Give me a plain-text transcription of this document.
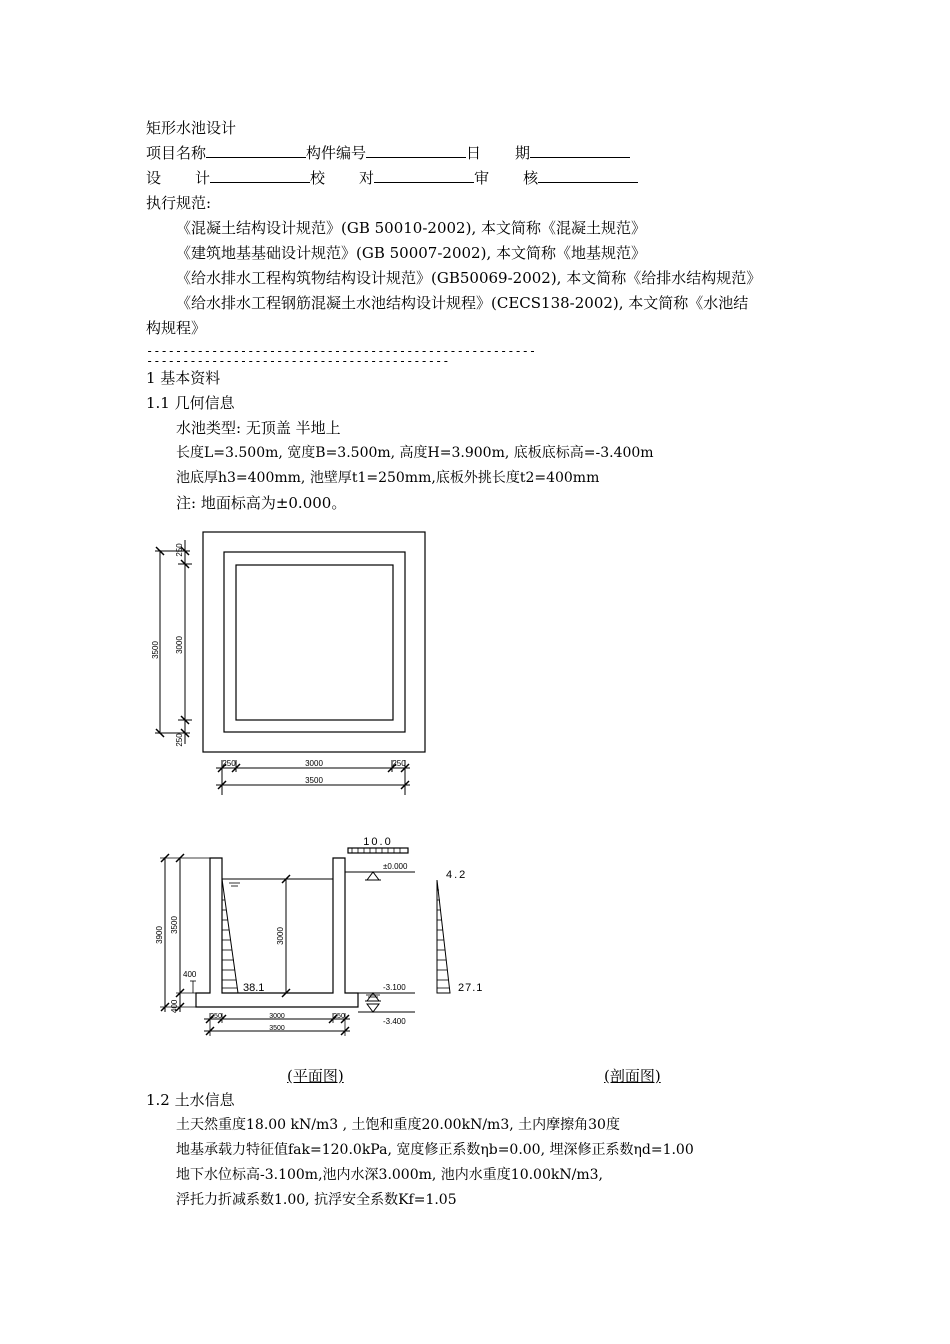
矩形水池设计
项目名称	构件编号	日 期
设 计	校 对	审 核
执行规范:
《混凝土结构设计规范》(GB 50010-2002), 本文简称《混凝土规范》
《建筑地基基础设计规范》(GB 50007-2002), 本文简称《地基规范》
《给水排水工程构筑物结构设计规范》(GB50069-2002), 本文简称《给排水结构规范》
《给水排水工程钢筋混凝土水池结构设计规程》(CECS138-2002), 本文简称《水池结
构规程》
------------------------------------------------------------------------------------------------
1 基本资料
1.1 几何信息
水池类型: 无顶盖 半地上
长度L=3.500m, 宽度B=3.500m, 高度H=3.900m, 底板底标高=-3.400m
池底厚h3=400mm, 池壁厚t1=250mm,底板外挑长度t2=400mm
注: 地面标高为±0.000。
3500 3000
250
250
250	3000	250
3500
10.0
±0.000
3900
3500
3000
400
400
-3.100
-3.400
38.1
4.2
27.1
250	3000	250
3500
(平面图)	(剖面图)
1.2 土水信息
土天然重度18.00 kN/m3 , 土饱和重度20.00kN/m3, 土内摩擦角30度
地基承载力特征值fak=120.0kPa, 宽度修正系数ηb=0.00, 埋深修正系数ηd=1.00
地下水位标高-3.100m,池内水深3.000m, 池内水重度10.00kN/m3,
浮托力折减系数1.00, 抗浮安全系数Kf=1.05
